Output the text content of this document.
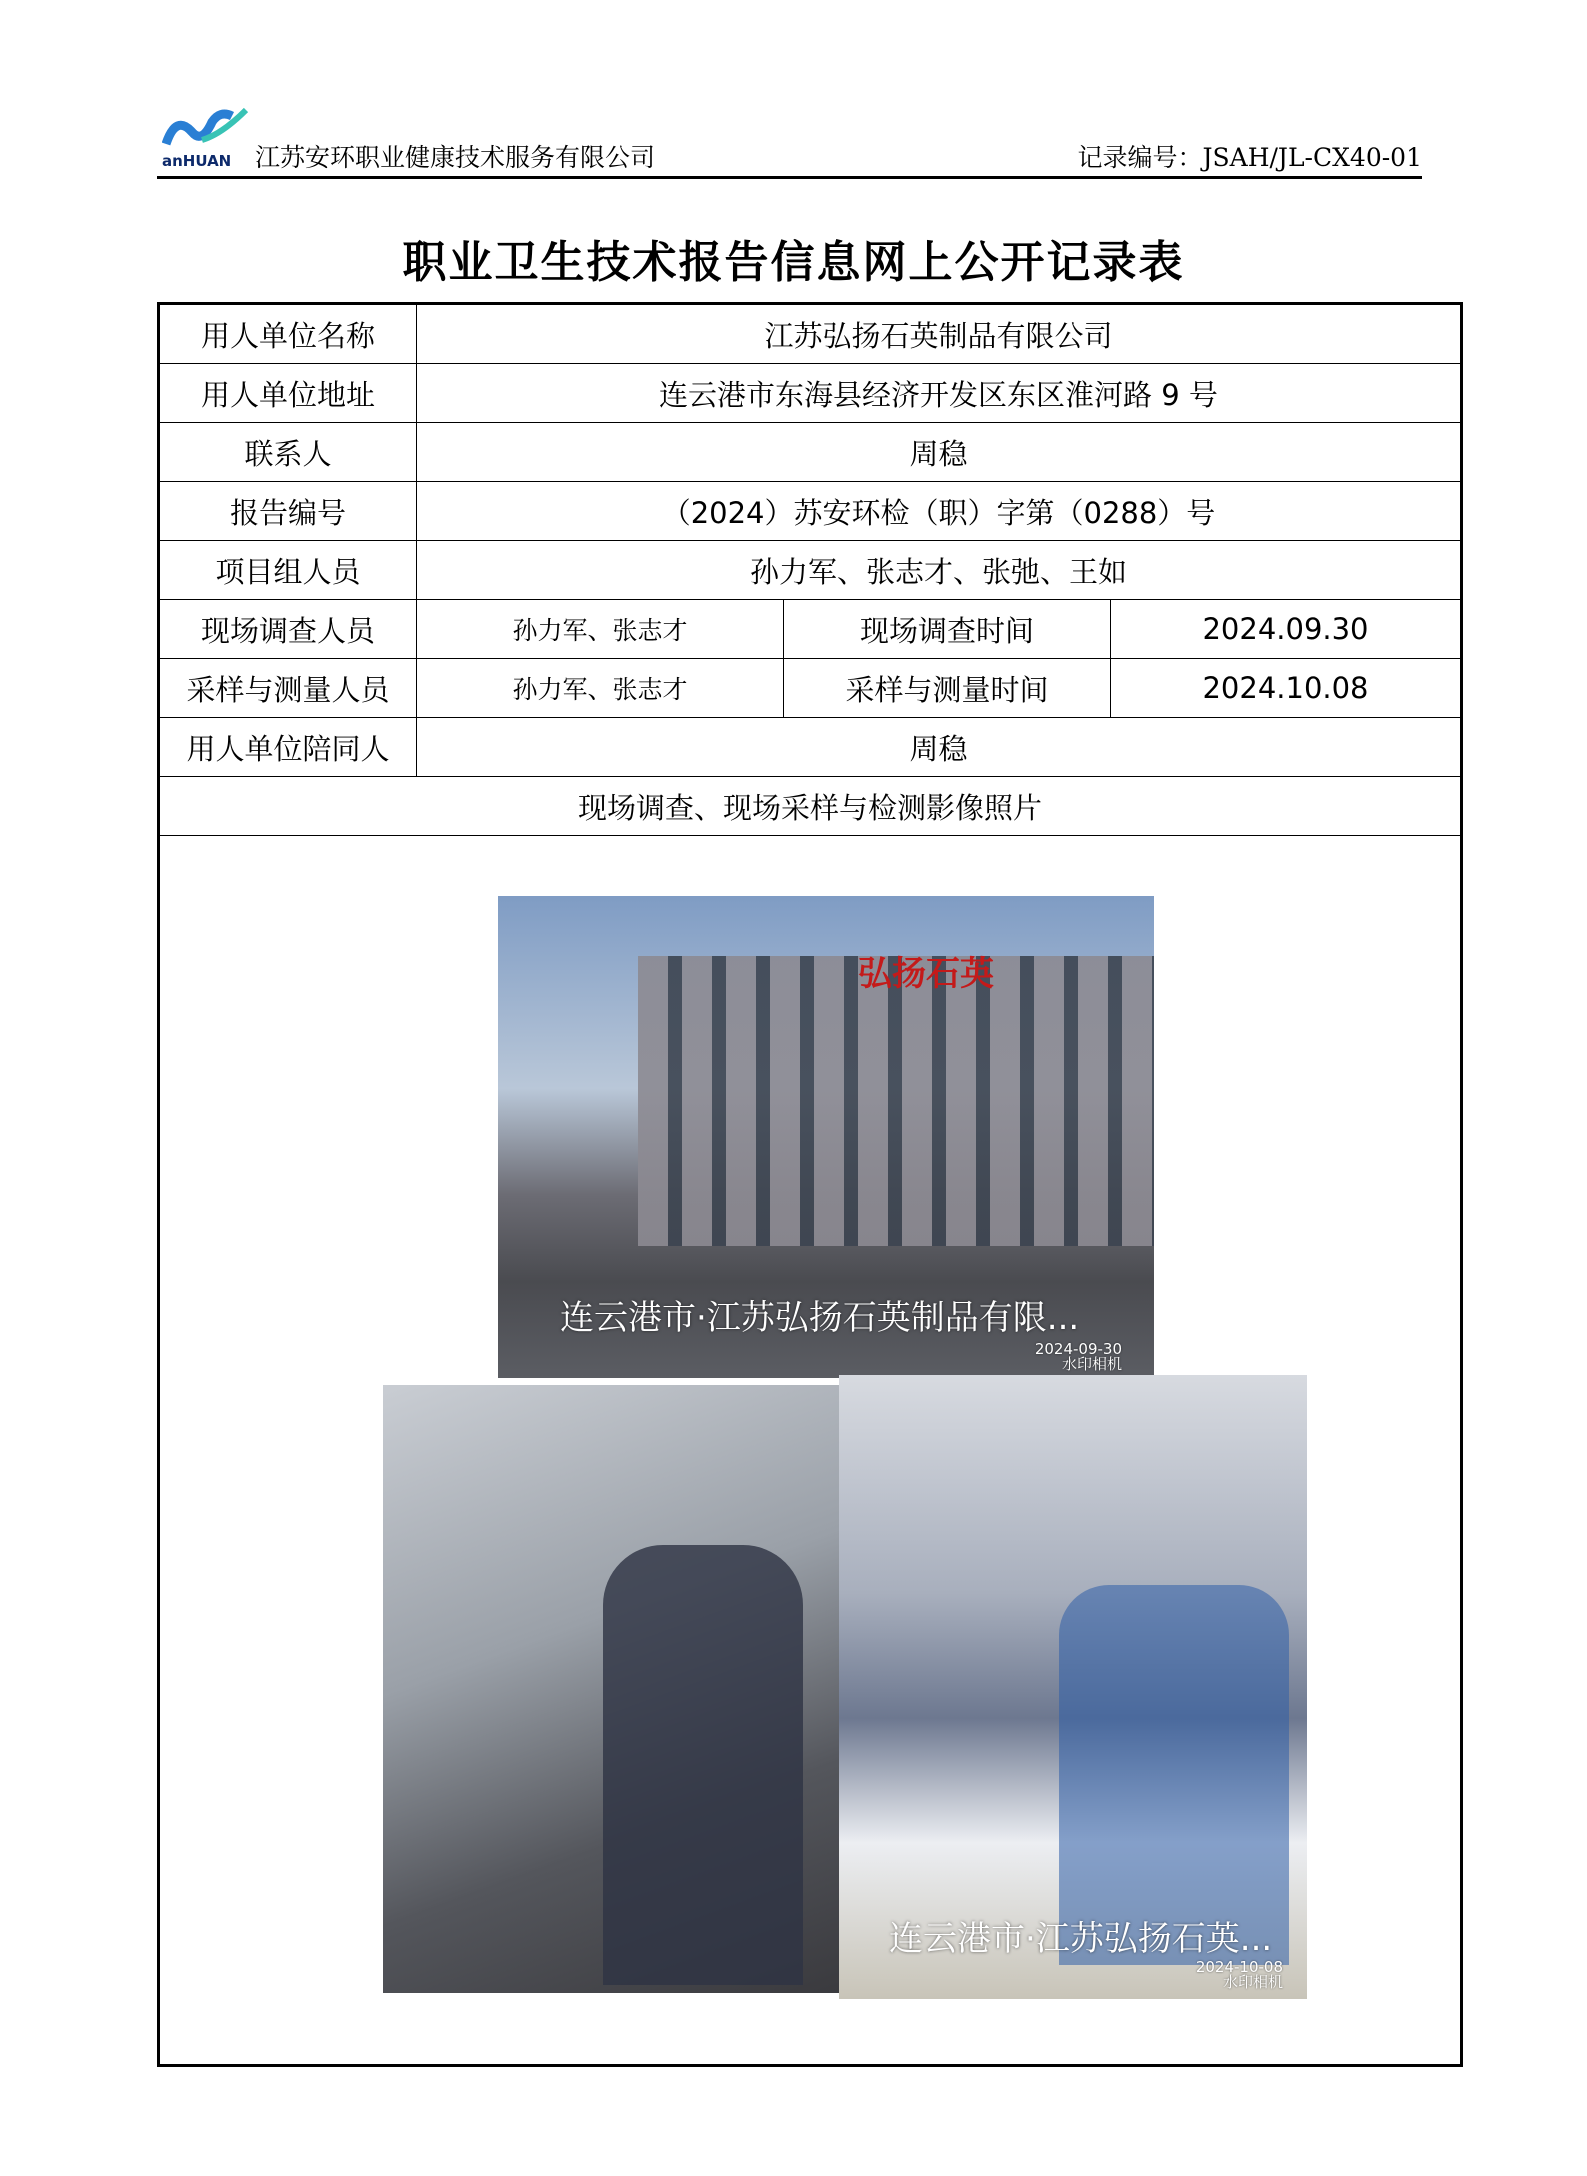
anHUAN 江苏安环职业健康技术服务有限公司	记录编号：JSAH/JL-CX40-01
职业卫生技术报告信息网上公开记录表
用人单位名称	江苏弘扬石英制品有限公司		
用人单位地址	连云港市东海县经济开发区东区淮河路 9 号		
联系人	周稳		
报告编号	（2024）苏安环检（职）字第（0288）号		
项目组人员	孙力军、张志才、张弛、王如		
现场调查人员	孙力军、张志才	现场调查时间	2024.09.30
采样与测量人员	孙力军、张志才	采样与测量时间	2024.10.08
用人单位陪同人	周稳		
现场调查、现场采样与检测影像照片			

弘扬石英
连云港市·江苏弘扬石英制品有限...
2024-09-30
水印相机
连云港市·江苏弘扬石英...
2024-10-08
水印相机
